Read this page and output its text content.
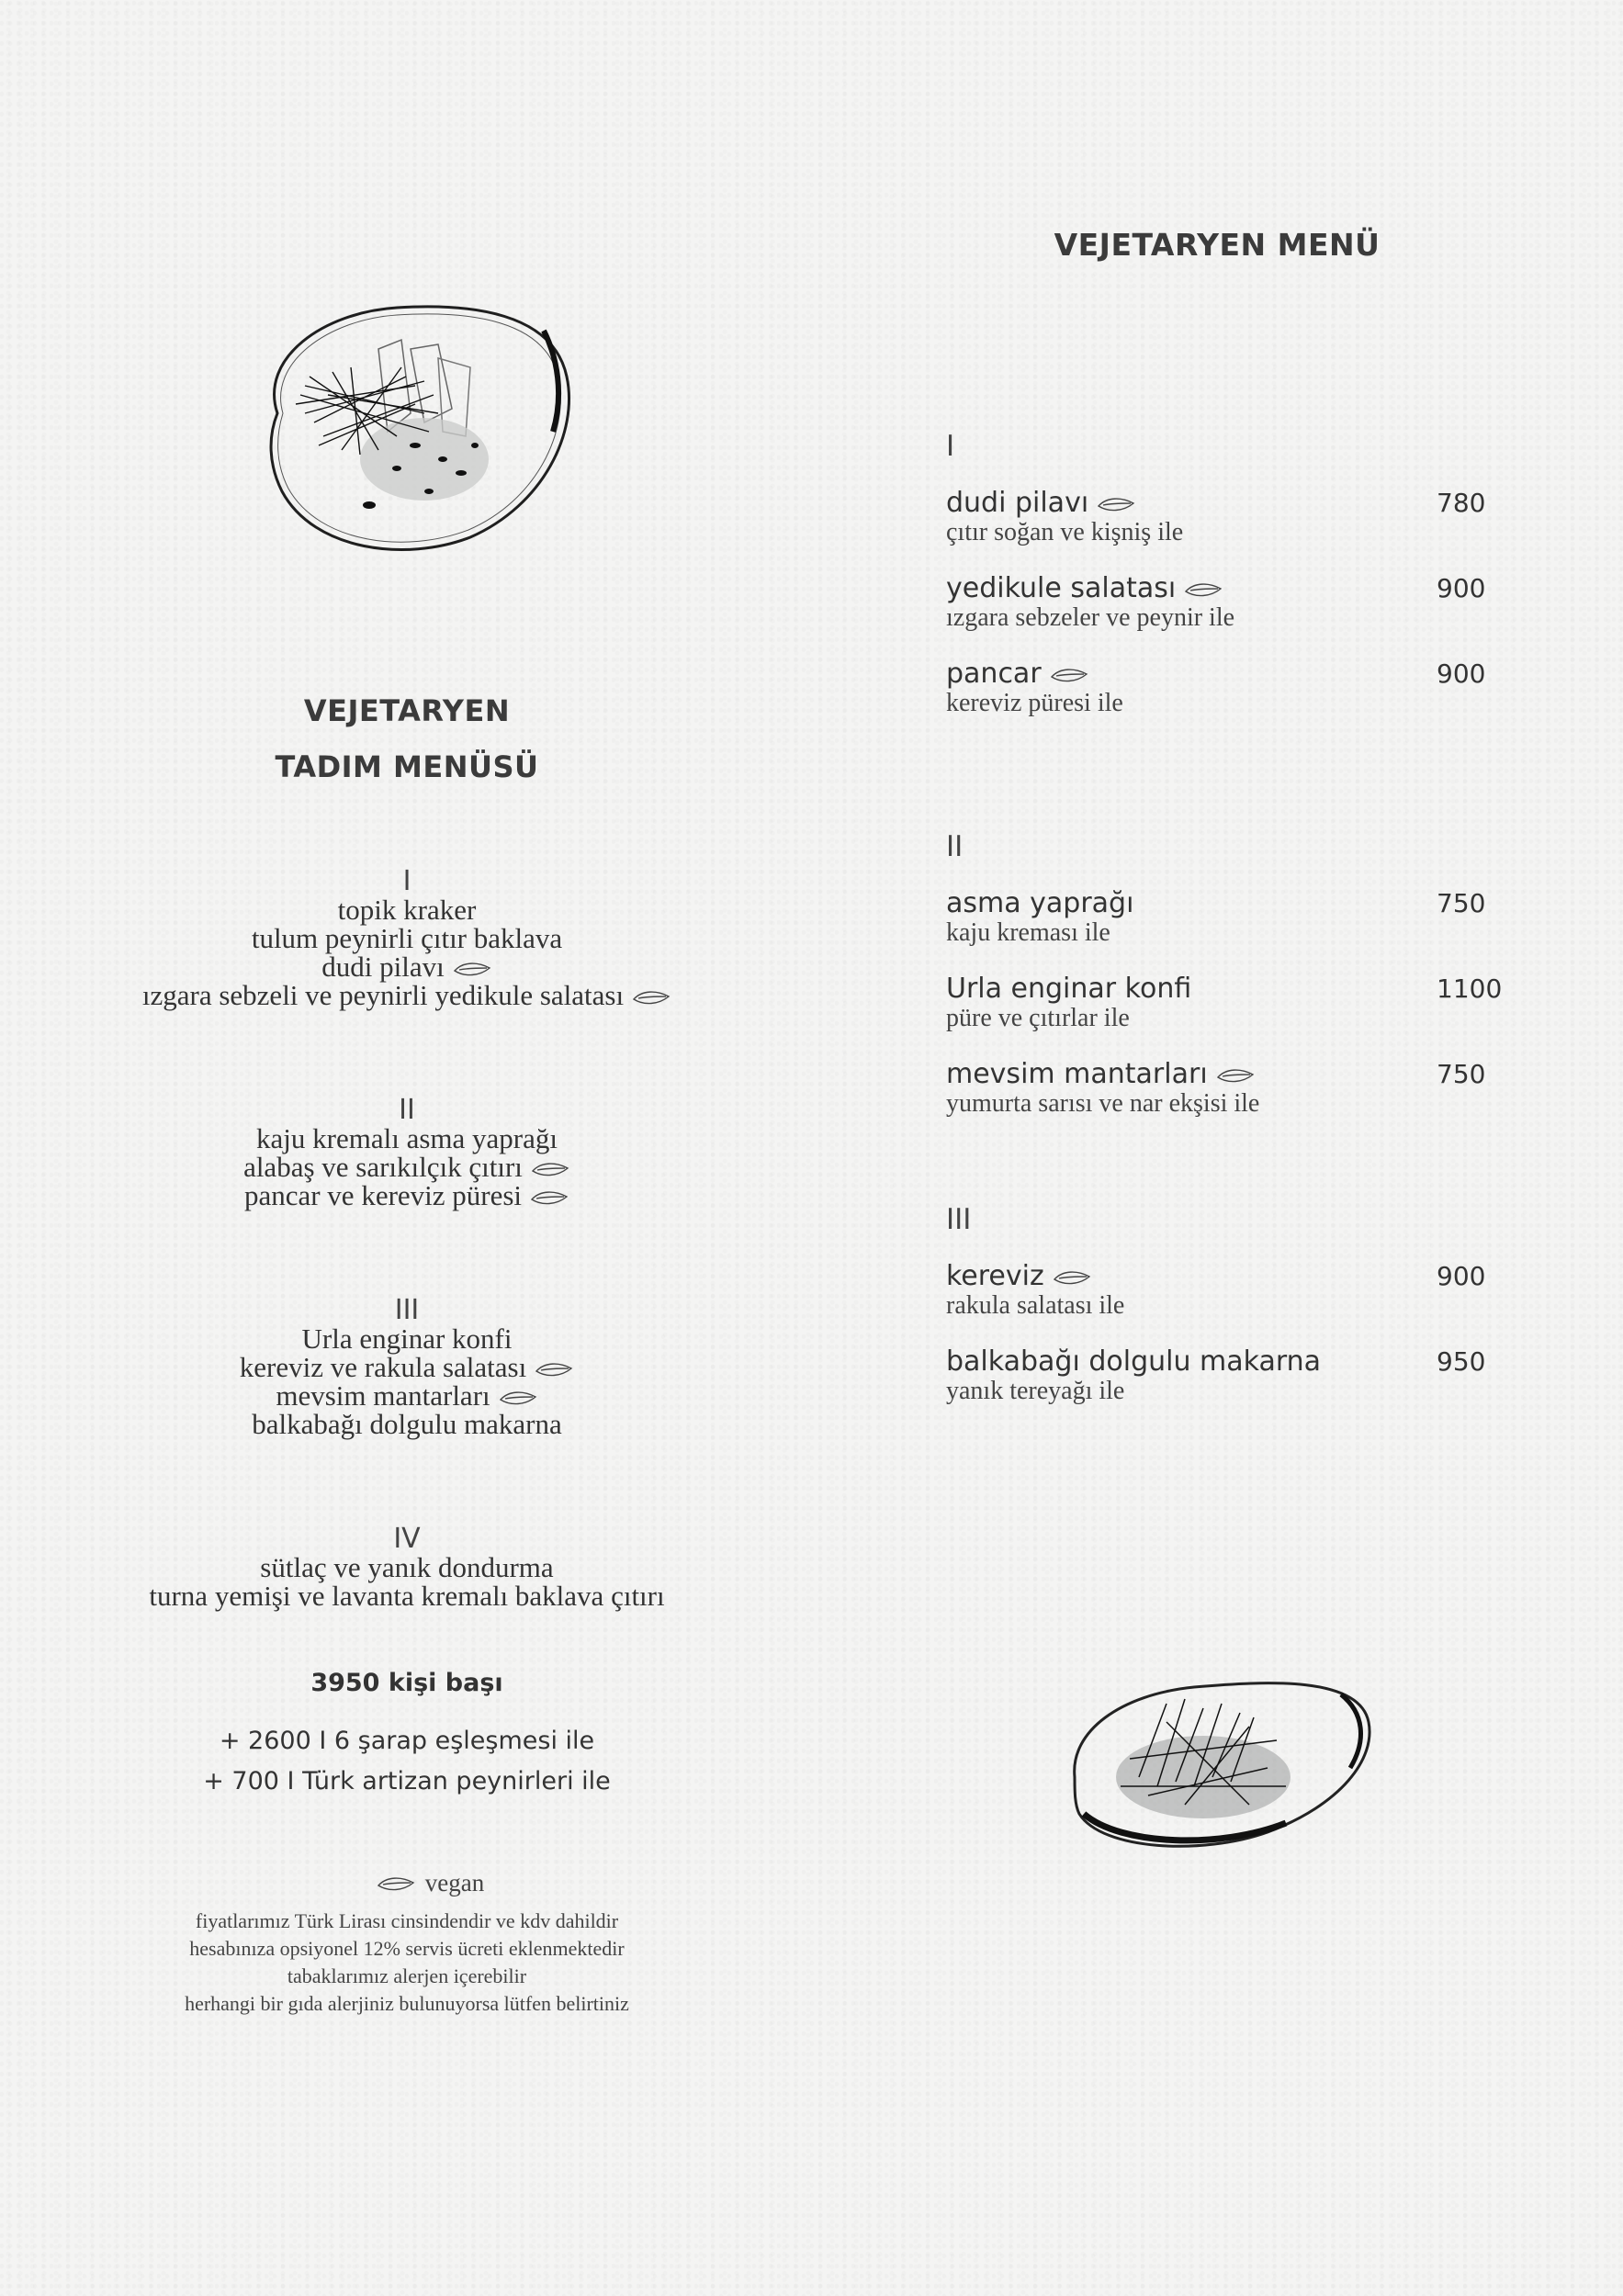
VEJETARYEN
TADIM MENÜSÜ
I
topik kraker
tulum peynirli çıtır baklava
dudi pilavı
ızgara sebzeli ve peynirli yedikule salatası
II
kaju kremalı asma yaprağı
alabaş ve sarıkılçık çıtırı
pancar ve kereviz püresi
III
Urla enginar konfi
kereviz ve rakula salatası
mevsim mantarları
balkabağı dolgulu makarna
IV
sütlaç ve yanık dondurma
turna yemişi ve lavanta kremalı baklava çıtırı
3950 kişi başı
+ 2600 I 6 şarap eşleşmesi ile
+ 700 I Türk artizan peynirleri ile
vegan
fiyatlarımız Türk Lirası cinsindendir ve kdv dahildir
hesabınıza opsiyonel 12% servis ücreti eklenmektedir
tabaklarımız alerjen içerebilir
herhangi bir gıda alerjiniz bulunuyorsa lütfen belirtiniz
VEJETARYEN MENÜ
I
dudi pilavı
çıtır soğan ve kişniş ile
780
yedikule salatası
ızgara sebzeler ve peynir ile
900
pancar
kereviz püresi ile
900
II
asma yaprağı
kaju kreması ile
750
Urla enginar konfi
püre ve çıtırlar ile
1100
mevsim mantarları
yumurta sarısı ve nar ekşisi ile
750
III
kereviz
rakula salatası ile
900
balkabağı dolgulu makarna
yanık tereyağı ile
950
